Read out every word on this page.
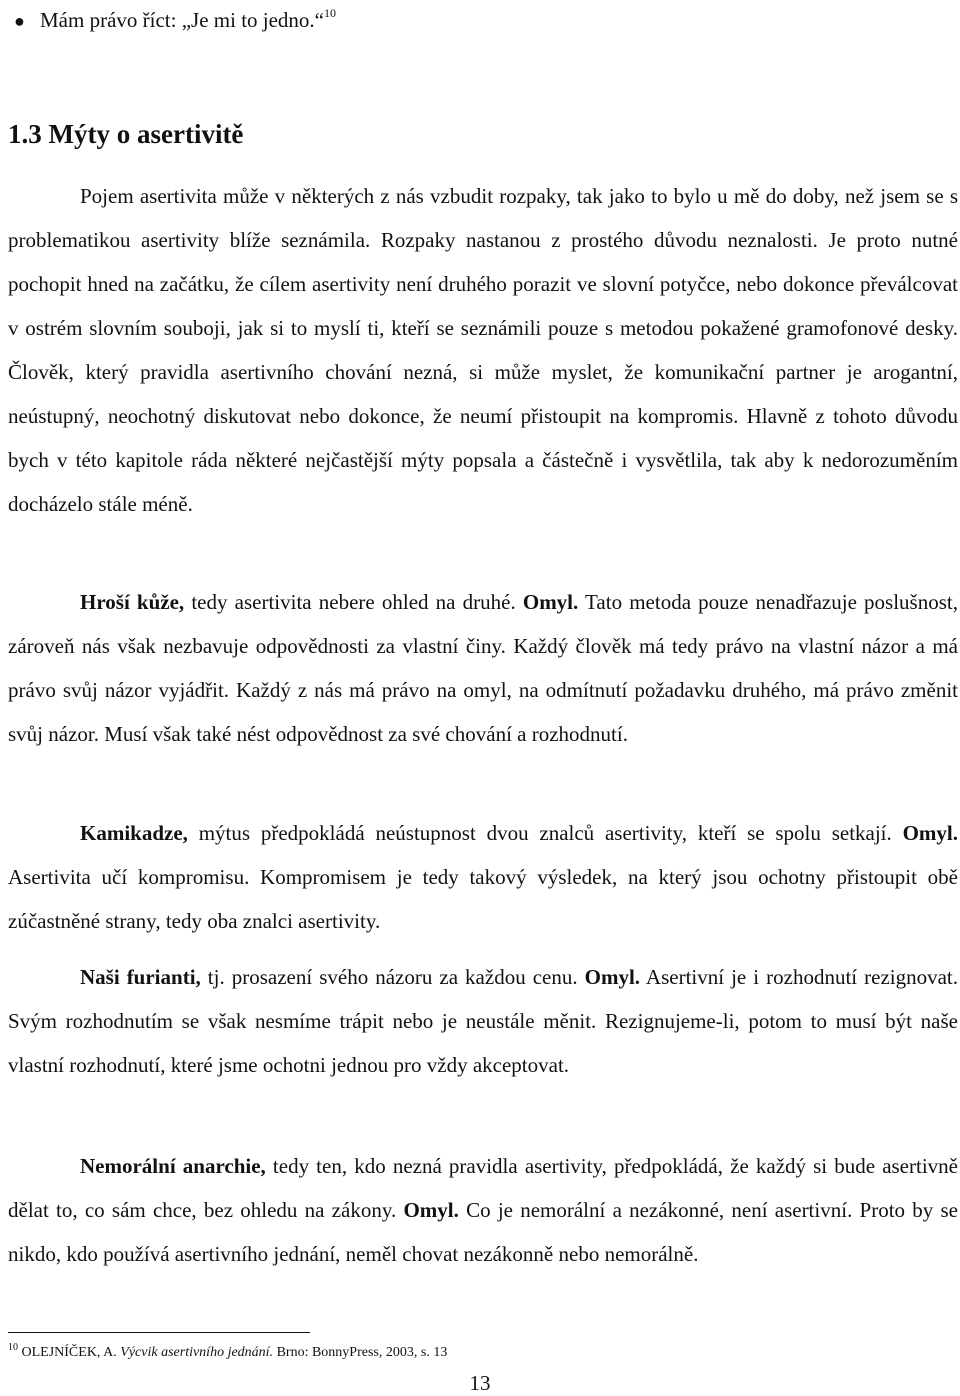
● Mám právo říct: „Je mi to jedno.“$^{10}$
1.3 Mýty o asertivitě

Pojem asertivita může v některých z nás vzbudit rozpaky, tak jako to bylo u mě do doby, než jsem se s problematikou asertivity blíže seznámila. Rozpaky nastanou z prostého důvodu neznalosti. Je proto nutné pochopit hned na začátku, že cílem asertivity není druhého porazit ve slovní potyčce, nebo dokonce převálcovat v ostrém slovním souboji, jak si to myslí ti, kteří se seznámili pouze s metodou pokažené gramofonové desky. Člověk, který pravidla asertivního chování nezná, si může myslet, že komunikační partner je arogantní, neústupný, neochotný diskutovat nebo dokonce, že neumí přistoupit na kompromis. Hlavně z tohoto důvodu bych v této kapitole ráda některé nejčastější mýty popsala a částečně i vysvětlila, tak aby k nedorozuměním docházelo stále méně.

Hroší kůže, tedy asertivita nebere ohled na druhé. Omyl. Tato metoda pouze nenadřazuje poslušnost, zároveň nás však nezbavuje odpovědnosti za vlastní činy. Každý člověk má tedy právo na vlastní názor a má právo svůj názor vyjádřit. Každý z nás má právo na omyl, na odmítnutí požadavku druhého, má právo změnit svůj názor. Musí však také nést odpovědnost za své chování a rozhodnutí.

Kamikadze, mýtus předpokládá neústupnost dvou znalců asertivity, kteří se spolu setkají. Omyl. Asertivita učí kompromisu. Kompromisem je tedy takový výsledek, na který jsou ochotny přistoupit obě zúčastněné strany, tedy oba znalci asertivity.

Naši furianti, tj. prosazení svého názoru za každou cenu. Omyl. Asertivní je i rozhodnutí rezignovat. Svým rozhodnutím se však nesmíme trápit nebo je neustále měnit. Rezignujeme-li, potom to musí být naše vlastní rozhodnutí, které jsme ochotni jednou pro vždy akceptovat.

Nemorální anarchie, tedy ten, kdo nezná pravidla asertivity, předpokládá, že každý si bude asertivně dělat to, co sám chce, bez ohledu na zákony. Omyl. Co je nemorální a nezákonné, není asertivní. Proto by se nikdo, kdo používá asertivního jednání, neměl chovat nezákonně nebo nemorálně.

$^{10}$ OLEJNÍČEK, A. Výcvik asertivního jednání. Brno: BonnyPress, 2003, s. 13
13
